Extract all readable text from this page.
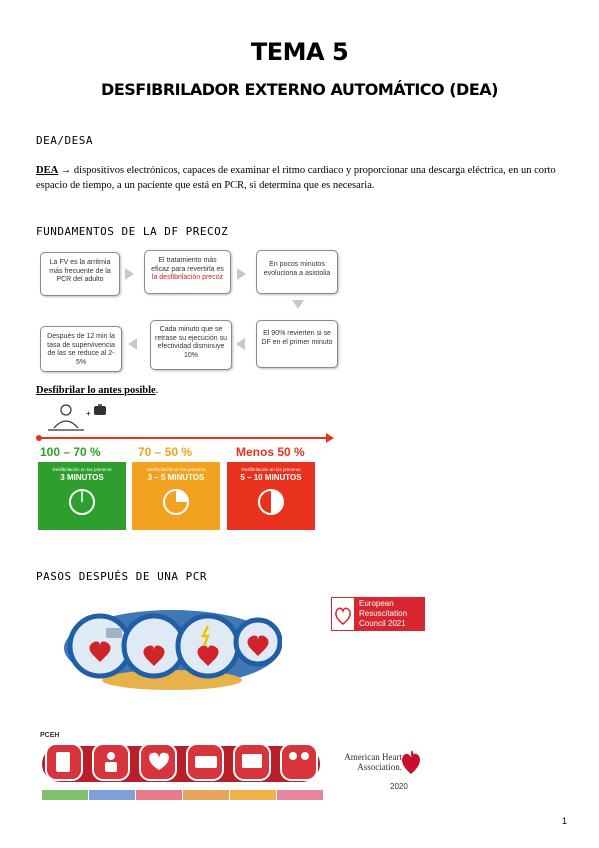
TEMA 5
DESFIBRILADOR EXTERNO AUTOMÁTICO (DEA)
DEA/DESA
DEA → dispositivos electrónicos, capaces de examinar el ritmo cardiaco y proporcionar una descarga eléctrica, en un corto espacio de tiempo, a un paciente que está en PCR, si determina que es necesaria.
FUNDAMENTOS DE LA DF PRECOZ
La FV es la arritmia más frecuente de la PCR del adulto
El tratamiento más eficaz para revertirla es la desfibrilación precoz
En pocos minutos evoluciona a asistolia
El 90% revierten si se DF en el primer minuto
Cada minuto que se retrase su ejecución su efectividad disminuye 10%
Después de 12 min la tasa de supervivencia de las se reduce al 2-5%
Desfibrilar lo antes posible.
+
100 – 70 %	70 – 50 %	Menos 50 %
Desfibrilación en los primeros
3 MINUTOS
Desfibrilación en los primeros
3 – 5 MINUTOS
Desfibrilación en los primeros
5 – 10 MINUTOS
PASOS DESPUÉS DE UNA PCR
European
Resuscitation
Council 2021
PCEH
American Heart
Association.
2020
1
